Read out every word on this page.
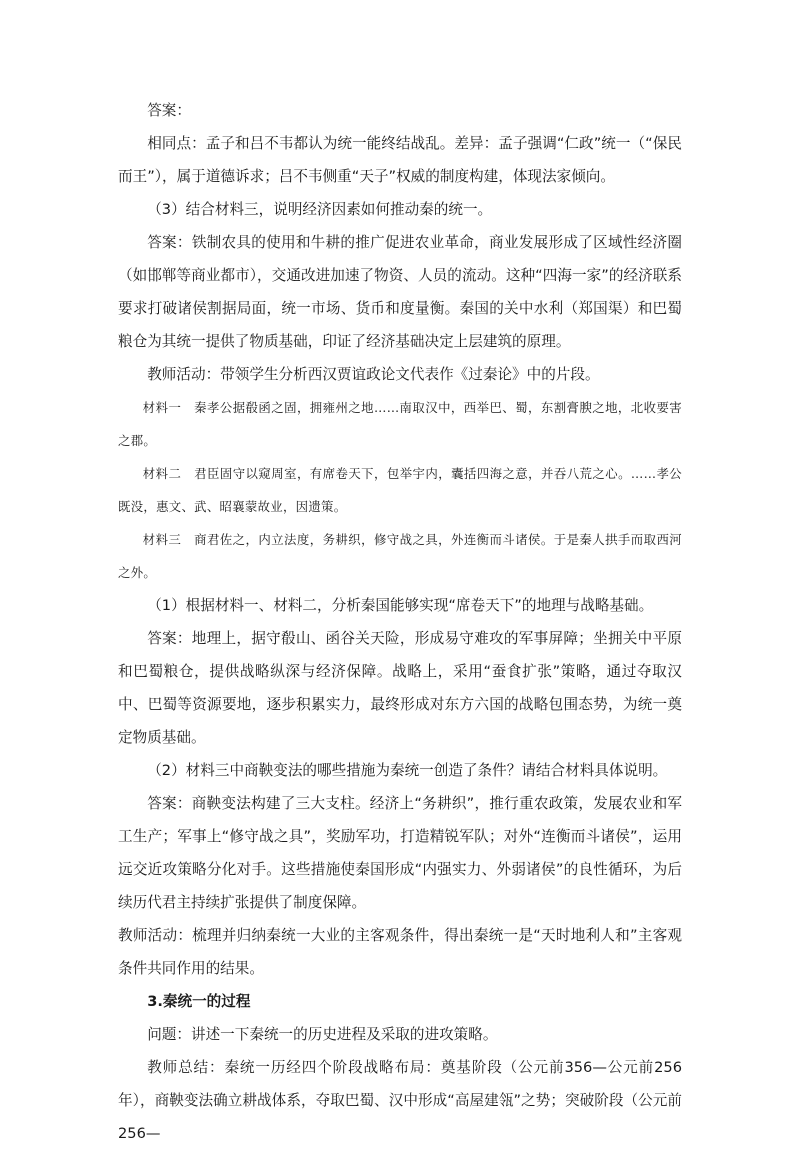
答案：

相同点：孟子和吕不韦都认为统一能终结战乱。差异：孟子强调“仁政”统一（“保民而王”），属于道德诉求；吕不韦侧重“天子”权威的制度构建，体现法家倾向。

（3）结合材料三，说明经济因素如何推动秦的统一。

答案：铁制农具的使用和牛耕的推广促进农业革命，商业发展形成了区域性经济圈（如邯郸等商业都市），交通改进加速了物资、人员的流动。这种“四海一家”的经济联系要求打破诸侯割据局面，统一市场、货币和度量衡。秦国的关中水利（郑国渠）和巴蜀粮仓为其统一提供了物质基础，印证了经济基础决定上层建筑的原理。

教师活动：带领学生分析西汉贾谊政论文代表作《过秦论》中的片段。

材料一　秦孝公据殽函之固，拥雍州之地……南取汉中，西举巴、蜀，东割膏腴之地，北收要害之郡。

材料二　君臣固守以窥周室，有席卷天下，包举宇内，囊括四海之意，并吞八荒之心。……孝公既没，惠文、武、昭襄蒙故业，因遗策。

材料三　商君佐之，内立法度，务耕织，修守战之具，外连衡而斗诸侯。于是秦人拱手而取西河之外。

（1）根据材料一、材料二，分析秦国能够实现“席卷天下”的地理与战略基础。

答案：地理上，据守殽山、函谷关天险，形成易守难攻的军事屏障；坐拥关中平原和巴蜀粮仓，提供战略纵深与经济保障。战略上，采用“蚕食扩张”策略，通过夺取汉中、巴蜀等资源要地，逐步积累实力，最终形成对东方六国的战略包围态势，为统一奠定物质基础。

（2）材料三中商鞅变法的哪些措施为秦统一创造了条件？请结合材料具体说明。

答案：商鞅变法构建了三大支柱。经济上“务耕织”，推行重农政策，发展农业和军工生产；军事上“修守战之具”，奖励军功，打造精锐军队；对外“连衡而斗诸侯”，运用远交近攻策略分化对手。这些措施使秦国形成“内强实力、外弱诸侯”的良性循环，为后续历代君主持续扩张提供了制度保障。

教师活动：梳理并归纳秦统一大业的主客观条件，得出秦统一是“天时地利人和”主客观条件共同作用的结果。

3.秦统一的过程

问题：讲述一下秦统一的历史进程及采取的进攻策略。

教师总结：秦统一历经四个阶段战略布局：奠基阶段（公元前356—公元前256年），商鞅变法确立耕战体系，夺取巴蜀、汉中形成“高屋建瓴”之势；突破阶段（公元前256—
